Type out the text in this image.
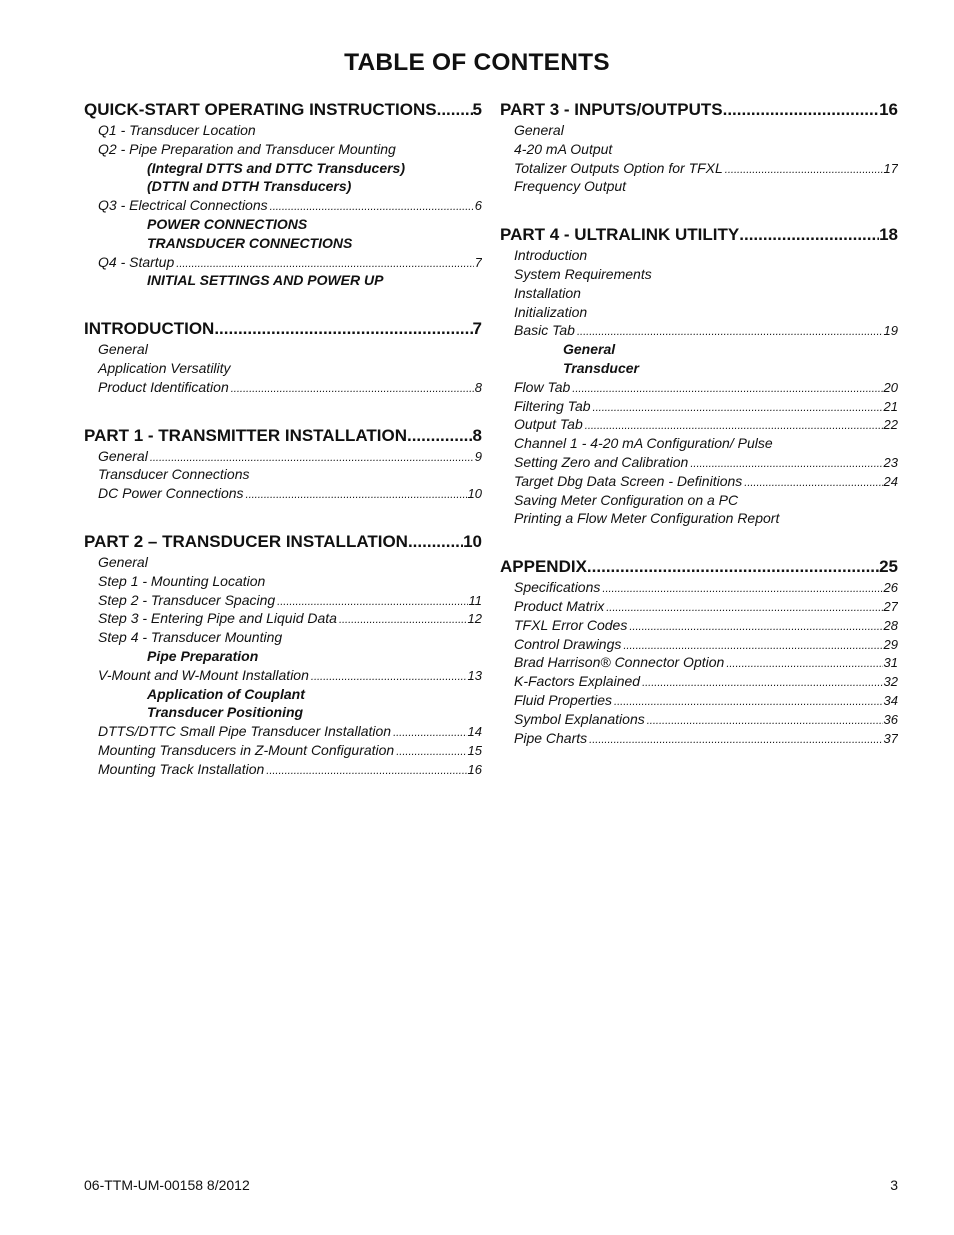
TABLE OF CONTENTS
QUICK-START OPERATING INSTRUCTIONS ..... 5
Q1 - Transducer Location
Q2 - Pipe Preparation and Transducer Mounting
(Integral DTTS and DTTC Transducers)
(DTTN and DTTH Transducers)
Q3 - Electrical Connections .....	6
POWER CONNECTIONS
TRANSDUCER CONNECTIONS
Q4 - Startup .....	7
INITIAL SETTINGS AND POWER UP
INTRODUCTION .....	7
General
Application Versatility
Product Identification .....	8
PART 1 - TRANSMITTER INSTALLATION .....	8
General .....	9
Transducer Connections
DC Power Connections .....	10
PART 2 – TRANSDUCER INSTALLATION .....	10
General
Step 1 - Mounting Location
Step 2 - Transducer Spacing .....	11
Step 3 - Entering Pipe and Liquid Data .....	12
Step 4 - Transducer Mounting
Pipe Preparation
V-Mount and W-Mount Installation .....	13
Application of Couplant
Transducer Positioning
DTTS/DTTC Small Pipe Transducer Installation .....	14
Mounting Transducers in Z-Mount Configuration .....	15
Mounting Track Installation .....	16
PART 3 - INPUTS/OUTPUTS .....	16
General
4-20 mA Output
Totalizer Outputs Option for TFXL .....	17
Frequency Output
PART 4 - ULTRALINK UTILITY .....	18
Introduction
System Requirements
Installation
Initialization
Basic Tab .....	19
General
Transducer
Flow Tab .....	20
Filtering Tab .....	21
Output Tab .....	22
Channel 1 - 4-20 mA Configuration/ Pulse
Setting Zero and Calibration .....	23
Target Dbg Data Screen - Definitions .....	24
Saving Meter Configuration on a PC
Printing a Flow Meter Configuration Report
APPENDIX .....	25
Specifications .....	26
Product Matrix .....	27
TFXL Error Codes .....	28
Control Drawings .....	29
Brad Harrison® Connector Option .....	31
K-Factors Explained .....	32
Fluid Properties .....	34
Symbol Explanations .....	36
Pipe Charts .....	37
06-TTM-UM-00158 8/2012	3
